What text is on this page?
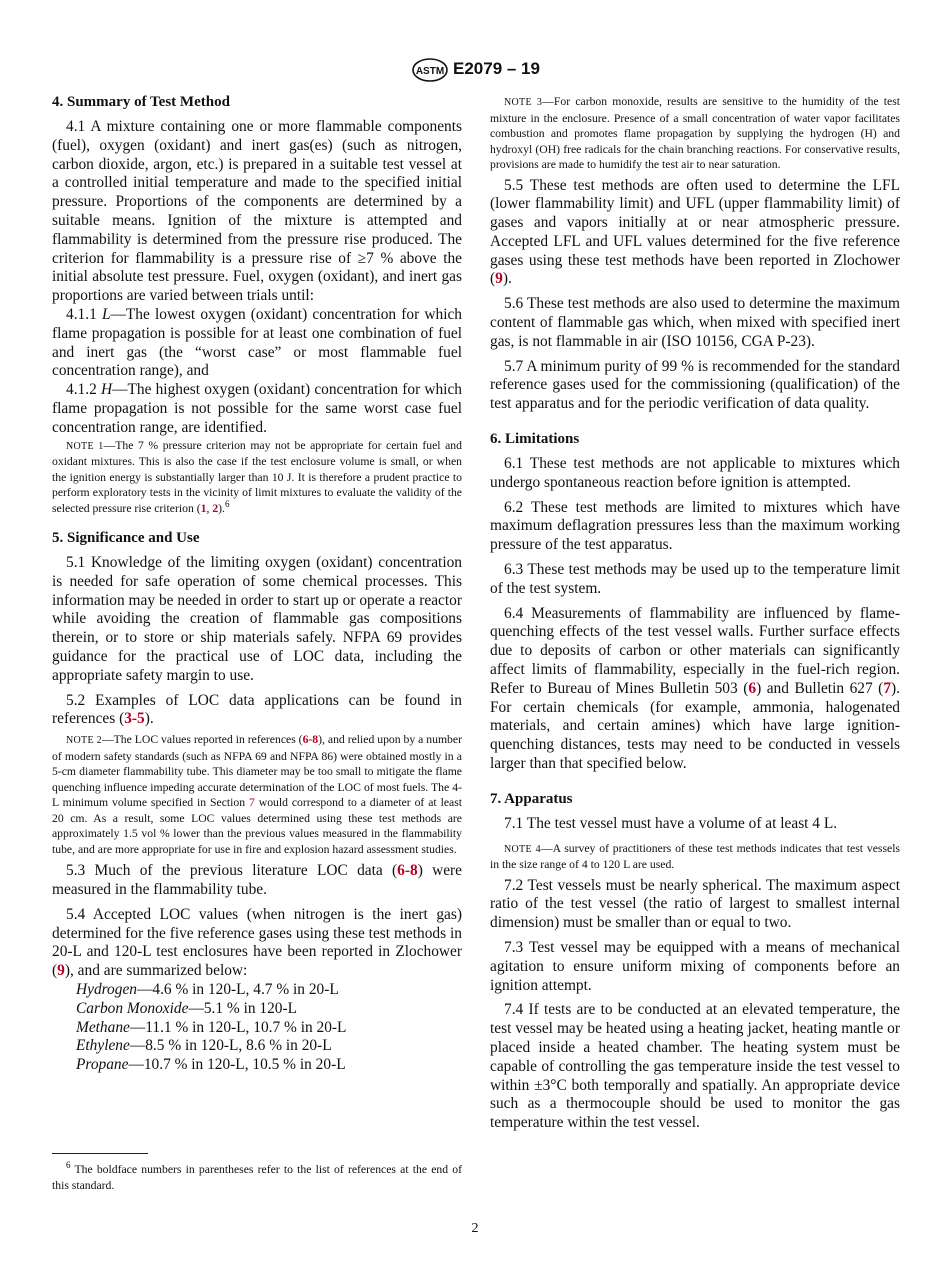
ASTM E2079 – 19
4. Summary of Test Method

4.1 A mixture containing one or more flammable components (fuel), oxygen (oxidant) and inert gas(es) (such as nitrogen, carbon dioxide, argon, etc.) is prepared in a suitable test vessel at a controlled initial temperature and made to the specified initial pressure. Proportions of the components are determined by a suitable means. Ignition of the mixture is attempted and flammability is determined from the pressure rise produced. The criterion for flammability is a pressure rise of ≥7 % above the initial absolute test pressure. Fuel, oxygen (oxidant), and inert gas proportions are varied between trials until:

4.1.1 L—The lowest oxygen (oxidant) concentration for which flame propagation is possible for at least one combination of fuel and inert gas (the “worst case” or most flammable fuel concentration range), and

4.1.2 H—The highest oxygen (oxidant) concentration for which flame propagation is not possible for the same worst case fuel concentration range, are identified.

NOTE 1—The 7 % pressure criterion may not be appropriate for certain fuel and oxidant mixtures. This is also the case if the test enclosure volume is small, or when the ignition energy is substantially larger than 10 J. It is therefore a prudent practice to perform exploratory tests in the vicinity of limit mixtures to evaluate the validity of the selected pressure rise criterion (1, 2).$^6$

5. Significance and Use

5.1 Knowledge of the limiting oxygen (oxidant) concentration is needed for safe operation of some chemical processes. This information may be needed in order to start up or operate a reactor while avoiding the creation of flammable gas compositions therein, or to store or ship materials safely. NFPA 69 provides guidance for the practical use of LOC data, including the appropriate safety margin to use.

5.2 Examples of LOC data applications can be found in references (3-5).

NOTE 2—The LOC values reported in references (6-8), and relied upon by a number of modern safety standards (such as NFPA 69 and NFPA 86) were obtained mostly in a 5-cm diameter flammability tube. This diameter may be too small to mitigate the flame quenching influence impeding accurate determination of the LOC of most fuels. The 4-L minimum volume specified in Section 7 would correspond to a diameter of at least 20 cm. As a result, some LOC values determined using these test methods are approximately 1.5 vol % lower than the previous values measured in the flammability tube, and are more appropriate for use in fire and explosion hazard assessment studies.

5.3 Much of the previous literature LOC data (6-8) were measured in the flammability tube.

5.4 Accepted LOC values (when nitrogen is the inert gas) determined for the five reference gases using these test methods in 20-L and 120-L test enclosures have been reported in Zlochower (9), and are summarized below:

Hydrogen—4.6 % in 120-L, 4.7 % in 20-L
Carbon Monoxide—5.1 % in 120-L
Methane—11.1 % in 120-L, 10.7 % in 20-L
Ethylene—8.5 % in 120-L, 8.6 % in 20-L
Propane—10.7 % in 120-L, 10.5 % in 20-L

NOTE 3—For carbon monoxide, results are sensitive to the humidity of the test mixture in the enclosure. Presence of a small concentration of water vapor facilitates combustion and promotes flame propagation by supplying the hydrogen (H) and hydroxyl (OH) free radicals for the chain branching reactions. For conservative results, provisions are made to humidify the test air to near saturation.

5.5 These test methods are often used to determine the LFL (lower flammability limit) and UFL (upper flammability limit) of gases and vapors initially at or near atmospheric pressure. Accepted LFL and UFL values determined for the five reference gases using these test methods have been reported in Zlochower (9).

5.6 These test methods are also used to determine the maximum content of flammable gas which, when mixed with specified inert gas, is not flammable in air (ISO 10156, CGA P-23).

5.7 A minimum purity of 99 % is recommended for the standard reference gases used for the commissioning (qualification) of the test apparatus and for the periodic verification of data quality.

6. Limitations

6.1 These test methods are not applicable to mixtures which undergo spontaneous reaction before ignition is attempted.

6.2 These test methods are limited to mixtures which have maximum deflagration pressures less than the maximum working pressure of the test apparatus.

6.3 These test methods may be used up to the temperature limit of the test system.

6.4 Measurements of flammability are influenced by flame-quenching effects of the test vessel walls. Further surface effects due to deposits of carbon or other materials can significantly affect limits of flammability, especially in the fuel-rich region. Refer to Bureau of Mines Bulletin 503 (6) and Bulletin 627 (7). For certain chemicals (for example, ammonia, halogenated materials, and certain amines) which have large ignition-quenching distances, tests may need to be conducted in vessels larger than that specified below.

7. Apparatus

7.1 The test vessel must have a volume of at least 4 L.

NOTE 4—A survey of practitioners of these test methods indicates that test vessels in the size range of 4 to 120 L are used.

7.2 Test vessels must be nearly spherical. The maximum aspect ratio of the test vessel (the ratio of largest to smallest internal dimension) must be smaller than or equal to two.

7.3 Test vessel may be equipped with a means of mechanical agitation to ensure uniform mixing of components before an ignition attempt.

7.4 If tests are to be conducted at an elevated temperature, the test vessel may be heated using a heating jacket, heating mantle or placed inside a heated chamber. The heating system must be capable of controlling the gas temperature inside the test vessel to within ±3°C both temporally and spatially. An appropriate device such as a thermocouple should be used to monitor the gas temperature within the test vessel.

$^6$ The boldface numbers in parentheses refer to the list of references at the end of this standard.
2
